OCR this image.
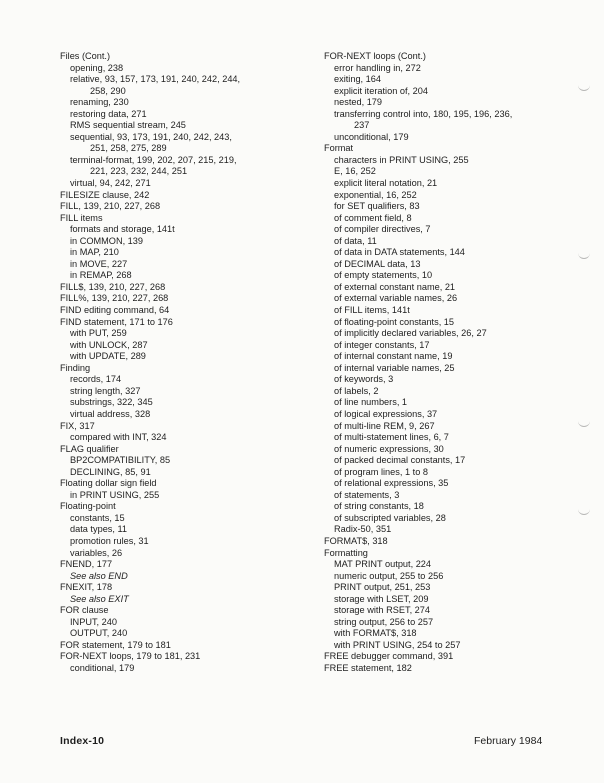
Files (Cont.)
opening, 238
relative, 93, 157, 173, 191, 240, 242, 244,
258, 290
renaming, 230
restoring data, 271
RMS sequential stream, 245
sequential, 93, 173, 191, 240, 242, 243,
251, 258, 275, 289
terminal-format, 199, 202, 207, 215, 219,
221, 223, 232, 244, 251
virtual, 94, 242, 271
FILESIZE clause, 242
FILL, 139, 210, 227, 268
FILL items
formats and storage, 141t
in COMMON, 139
in MAP, 210
in MOVE, 227
in REMAP, 268
FILL$, 139, 210, 227, 268
FILL%, 139, 210, 227, 268
FIND editing command, 64
FIND statement, 171 to 176
with PUT, 259
with UNLOCK, 287
with UPDATE, 289
Finding
records, 174
string length, 327
substrings, 322, 345
virtual address, 328
FIX, 317
compared with INT, 324
FLAG qualifier
BP2COMPATIBILITY, 85
DECLINING, 85, 91
Floating dollar sign field
in PRINT USING, 255
Floating-point
constants, 15
data types, 11
promotion rules, 31
variables, 26
FNEND, 177
See also END
FNEXIT, 178
See also EXIT
FOR clause
INPUT, 240
OUTPUT, 240
FOR statement, 179 to 181
FOR-NEXT loops, 179 to 181, 231
conditional, 179
FOR-NEXT loops (Cont.)
error handling in, 272
exiting, 164
explicit iteration of, 204
nested, 179
transferring control into, 180, 195, 196, 236,
237
unconditional, 179
Format
characters in PRINT USING, 255
E, 16, 252
explicit literal notation, 21
exponential, 16, 252
for SET qualifiers, 83
of comment field, 8
of compiler directives, 7
of data, 11
of data in DATA statements, 144
of DECIMAL data, 13
of empty statements, 10
of external constant name, 21
of external variable names, 26
of FILL items, 141t
of floating-point constants, 15
of implicitly declared variables, 26, 27
of integer constants, 17
of internal constant name, 19
of internal variable names, 25
of keywords, 3
of labels, 2
of line numbers, 1
of logical expressions, 37
of multi-line REM, 9, 267
of multi-statement lines, 6, 7
of numeric expressions, 30
of packed decimal constants, 17
of program lines, 1 to 8
of relational expressions, 35
of statements, 3
of string constants, 18
of subscripted variables, 28
Radix-50, 351
FORMAT$, 318
Formatting
MAT PRINT output, 224
numeric output, 255 to 256
PRINT output, 251, 253
storage with LSET, 209
storage with RSET, 274
string output, 256 to 257
with FORMAT$, 318
with PRINT USING, 254 to 257
FREE debugger command, 391
FREE statement, 182
Index-10	February 1984
